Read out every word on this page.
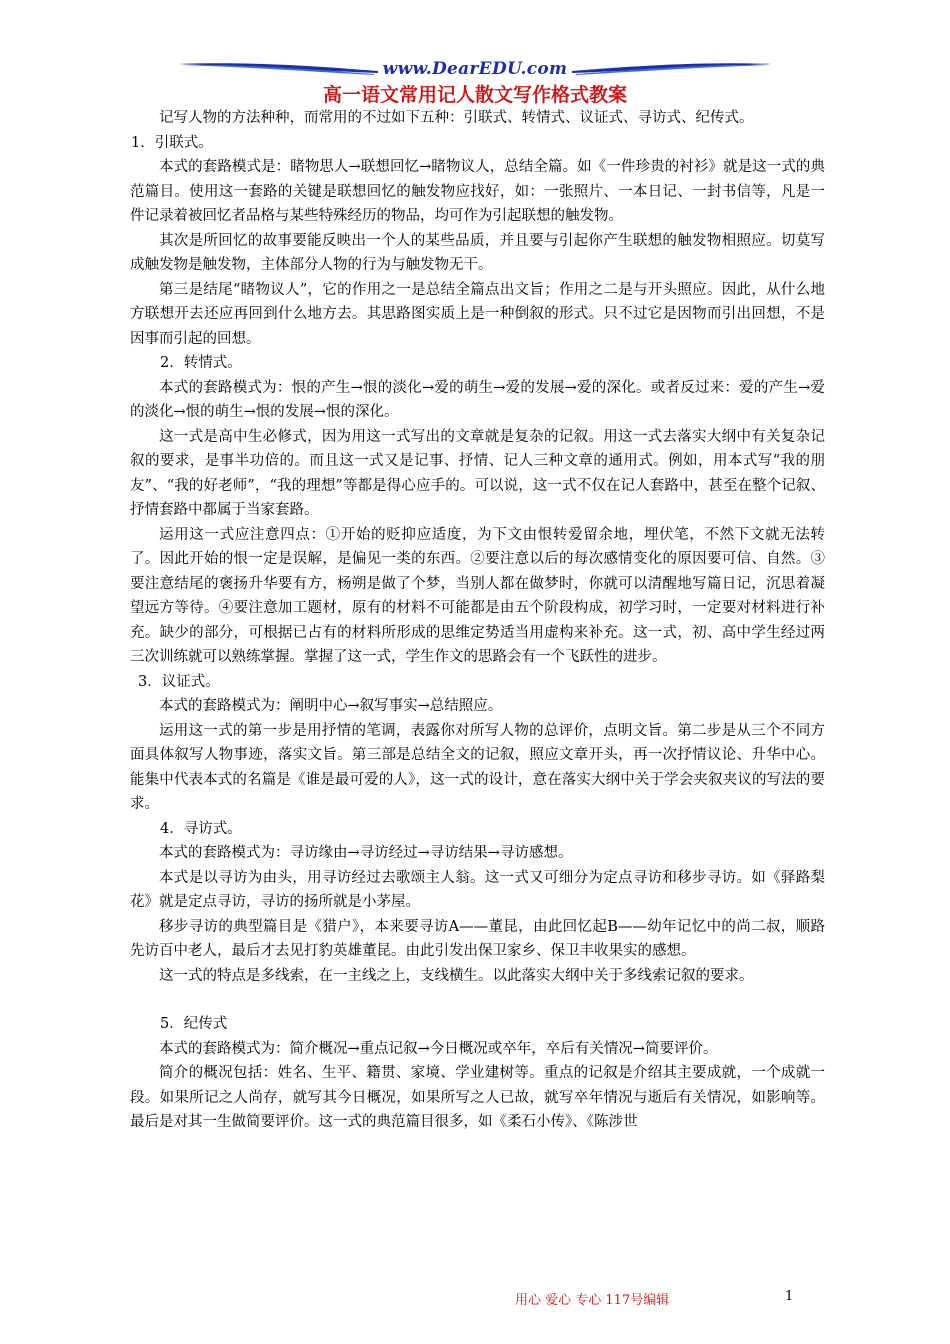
www.DearEDU.com
高一语文常用记人散文写作格式教案

记写人物的方法种种，而常用的不过如下五种：引联式、转情式、议证式、寻访式、纪传式。

1．引联式。

本式的套路模式是：睹物思人→联想回忆→睹物议人，总结全篇。如《一件珍贵的衬衫》就是这一式的典范篇目。使用这一套路的关键是联想回忆的触发物应找好，如：一张照片、一本日记、一封书信等，凡是一件记录着被回忆者品格与某些特殊经历的物品，均可作为引起联想的触发物。

其次是所回忆的故事要能反映出一个人的某些品质，并且要与引起你产生联想的触发物相照应。切莫写成触发物是触发物，主体部分人物的行为与触发物无干。

第三是结尾“睹物议人”，它的作用之一是总结全篇点出文旨；作用之二是与开头照应。因此，从什么地方联想开去还应再回到什么地方去。其思路图实质上是一种倒叙的形式。只不过它是因物而引出回想，不是因事而引起的回想。

2．转情式。

本式的套路模式为：恨的产生→恨的淡化→爱的萌生→爱的发展→爱的深化。或者反过来：爱的产生→爱的淡化→恨的萌生→恨的发展→恨的深化。

这一式是高中生必修式，因为用这一式写出的文章就是复杂的记叙。用这一式去落实大纲中有关复杂记叙的要求，是事半功倍的。而且这一式又是记事、抒情、记人三种文章的通用式。例如，用本式写“我的朋友”、“我的好老师”，“我的理想”等都是得心应手的。可以说，这一式不仅在记人套路中，甚至在整个记叙、抒情套路中都属于当家套路。

运用这一式应注意四点：①开始的贬抑应适度，为下文由恨转爱留余地，埋伏笔，不然下文就无法转了。因此开始的恨一定是误解，是偏见一类的东西。②要注意以后的每次感情变化的原因要可信、自然。③要注意结尾的褒扬升华要有方，杨朔是做了个梦，当别人都在做梦时，你就可以清醒地写篇日记，沉思着凝望远方等待。④要注意加工题材，原有的材料不可能都是由五个阶段构成，初学习时，一定要对材料进行补充。缺少的部分，可根据已占有的材料所形成的思维定势适当用虚构来补充。这一式，初、高中学生经过两三次训练就可以熟练掌握。掌握了这一式，学生作文的思路会有一个飞跃性的进步。

3．议证式。

本式的套路模式为：阐明中心→叙写事实→总结照应。

运用这一式的第一步是用抒情的笔调，表露你对所写人物的总评价，点明文旨。第二步是从三个不同方面具体叙写人物事迹，落实文旨。第三部是总结全文的记叙，照应文章开头，再一次抒情议论、升华中心。能集中代表本式的名篇是《谁是最可爱的人》，这一式的设计，意在落实大纲中关于学会夹叙夹议的写法的要求。

4．寻访式。

本式的套路模式为：寻访缘由→寻访经过→寻访结果→寻访感想。

本式是以寻访为由头，用寻访经过去歌颂主人翁。这一式又可细分为定点寻访和移步寻访。如《驿路梨花》就是定点寻访，寻访的扬所就是小茅屋。

移步寻访的典型篇目是《猎户》，本来要寻访A——董昆，由此回忆起B——幼年记忆中的尚二叔，顺路先访百中老人，最后才去见打豹英雄董昆。由此引发出保卫家乡、保卫丰收果实的感想。

这一式的特点是多线索，在一主线之上，支线横生。以此落实大纲中关于多线索记叙的要求。

5．纪传式

本式的套路模式为：简介概况→重点记叙→今日概况或卒年，卒后有关情况→简要评价。

简介的概况包括：姓名、生平、籍贯、家境、学业建树等。重点的记叙是介绍其主要成就，一个成就一段。如果所记之人尚存，就写其今日概况，如果所写之人已故，就写卒年情况与逝后有关情况，如影响等。最后是对其一生做简要评价。这一式的典范篇目很多，如《柔石小传》、《陈涉世

用心 爱心 专心 117号编辑	1
